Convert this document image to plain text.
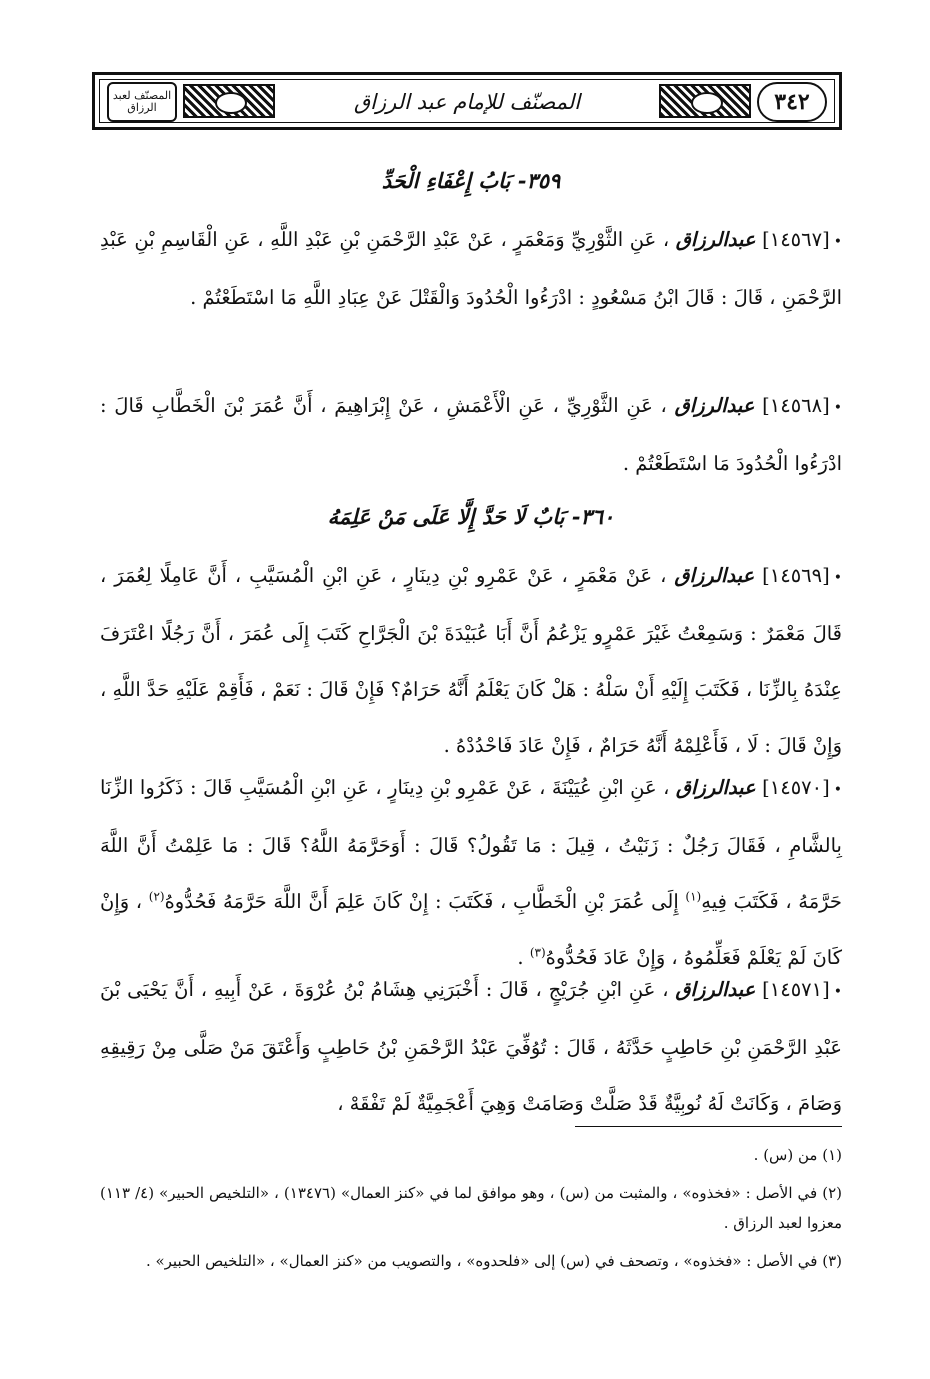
المصنّف لعبد الرزاق	المصنّف للإمام عبد الرزاق	٣٤٢
٣٥٩- بَابُ إِعْفَاءِ الْحَدِّ
•[١٤٥٦٧] عبدالرزاق ، عَنِ الثَّوْرِيِّ وَمَعْمَرٍ ، عَنْ عَبْدِ الرَّحْمَنِ بْنِ عَبْدِ اللَّهِ ، عَنِ الْقَاسِمِ بْنِ عَبْدِ الرَّحْمَنِ ، قَالَ : قَالَ ابْنُ مَسْعُودٍ : ادْرَءُوا الْحُدُودَ وَالْقَتْلَ عَنْ عِبَادِ اللَّهِ مَا اسْتَطَعْتُمْ .
•[١٤٥٦٨] عبدالرزاق ، عَنِ الثَّوْرِيِّ ، عَنِ الْأَعْمَشِ ، عَنْ إِبْرَاهِيمَ ، أَنَّ عُمَرَ بْنَ الْخَطَّابِ قَالَ : ادْرَءُوا الْحُدُودَ مَا اسْتَطَعْتُمْ .
٣٦٠- بَابٌ لَا حَدَّ إِلَّا عَلَى مَنْ عَلِمَهُ
•[١٤٥٦٩] عبدالرزاق ، عَنْ مَعْمَرٍ ، عَنْ عَمْرِو بْنِ دِينَارٍ ، عَنِ ابْنِ الْمُسَيَّبِ ، أَنَّ عَامِلًا لِعُمَرَ ، قَالَ مَعْمَرٌ : وَسَمِعْتُ غَيْرَ عَمْرٍو يَزْعُمُ أَنَّ أَبَا عُبَيْدَةَ بْنَ الْجَرَّاحِ كَتَبَ إِلَى عُمَرَ ، أَنَّ رَجُلًا اعْتَرَفَ عِنْدَهُ بِالزِّنَا ، فَكَتَبَ إِلَيْهِ أَنْ سَلْهُ : هَلْ كَانَ يَعْلَمُ أَنَّهُ حَرَامٌ؟ فَإِنْ قَالَ : نَعَمْ ، فَأَقِمْ عَلَيْهِ حَدَّ اللَّهِ ، وَإِنْ قَالَ : لَا ، فَأَعْلِمْهُ أَنَّهُ حَرَامٌ ، فَإِنْ عَادَ فَاحْدُدْهُ .
•[١٤٥٧٠] عبدالرزاق ، عَنِ ابْنِ عُيَيْنَةَ ، عَنْ عَمْرِو بْنِ دِينَارٍ ، عَنِ ابْنِ الْمُسَيَّبِ قَالَ : ذَكَرُوا الزِّنَا بِالشَّامِ ، فَقَالَ رَجُلٌ : زَنَيْتُ ، قِيلَ : مَا تَقُولُ؟ قَالَ : أَوَحَرَّمَهُ اللَّهُ؟ قَالَ : مَا عَلِمْتُ أَنَّ اللَّهَ حَرَّمَهُ ، فَكَتَبَ فِيهِ$^{(١)}$ إِلَى عُمَرَ بْنِ الْخَطَّابِ ، فَكَتَبَ : إِنْ كَانَ عَلِمَ أَنَّ اللَّهَ حَرَّمَهُ فَحُدُّوهُ$^{(٢)}$ ، وَإِنْ كَانَ لَمْ يَعْلَمْ فَعَلِّمُوهُ ، وَإِنْ عَادَ فَحُدُّوهُ$^{(٣)}$ .
•[١٤٥٧١] عبدالرزاق ، عَنِ ابْنِ جُرَيْجٍ ، قَالَ : أَخْبَرَنِي هِشَامُ بْنُ عُرْوَةَ ، عَنْ أَبِيهِ ، أَنَّ يَحْيَى بْنَ عَبْدِ الرَّحْمَنِ بْنِ حَاطِبٍ حَدَّثَهُ ، قَالَ : تُوُفِّيَ عَبْدُ الرَّحْمَنِ بْنُ حَاطِبٍ وَأَعْتَقَ مَنْ صَلَّى مِنْ رَقِيقِهِ وَصَامَ ، وَكَانَتْ لَهُ نُوبِيَّةٌ قَدْ صَلَّتْ وَصَامَتْ وَهِيَ أَعْجَمِيَّةٌ لَمْ تَفْقَهْ ،
(١) من (س) .
(٢) في الأصل : «فخذوه» ، والمثبت من (س) ، وهو موافق لما في «كنز العمال» (١٣٤٧٦) ، «التلخيص الحبير» (٤/ ١١٣) معزوا لعبد الرزاق .
(٣) في الأصل : «فخذوه» ، وتصحف في (س) إلى «فلحدوه» ، والتصويب من «كنز العمال» ، «التلخيص الحبير» .
